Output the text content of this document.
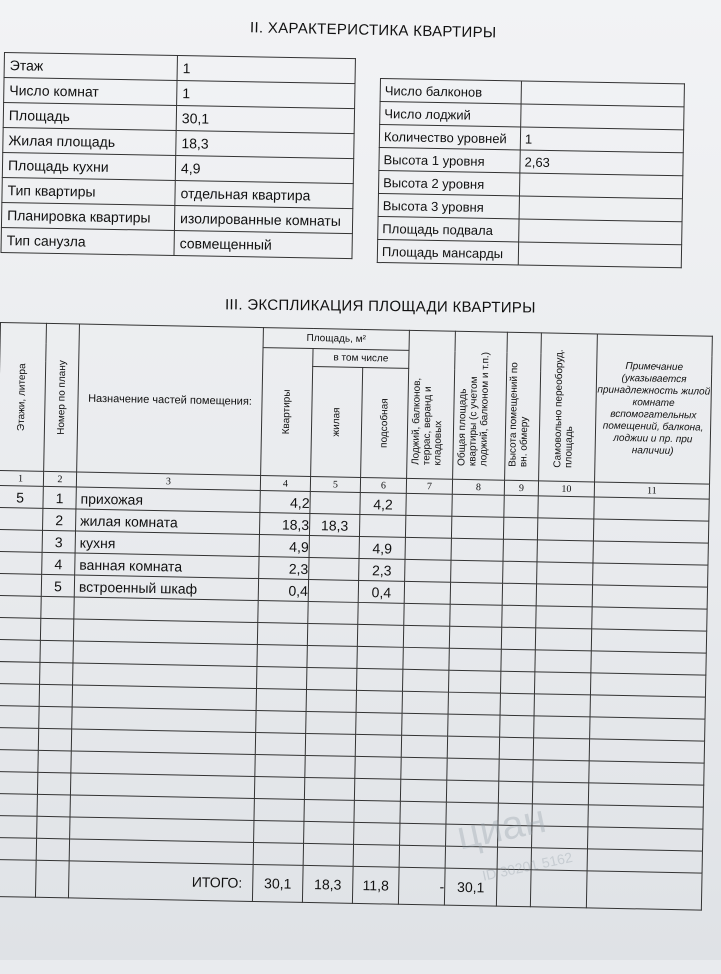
II. ХАРАКТЕРИСТИКА КВАРТИРЫ
Этаж	1
Число комнат	1
Площадь	30,1
Жилая площадь	18,3
Площадь кухни	4,9
Тип квартиры	отдельная квартира
Планировка квартиры	изолированные комнаты
Тип санузла	совмещенный
Число балконов	
Число лоджий	
Количество уровней	1
Высота 1 уровня	2,63
Высота 2 уровня	
Высота 3 уровня	
Площадь подвала	
Площадь мансарды	
III. ЭКСПЛИКАЦИЯ ПЛОЩАДИ КВАРТИРЫ
Этажи, литера	Номер по плану	Назначение частей помещения:	Площадь, м²			Лоджий, балконов, террас, веранд и кладовых	Общая площадь квартиры (с учетом лоджий, балконом и т.п.)	Высота помещений по вн. обмеру	Самовольно переоборуд. площадь	Примечание (указывается принадлежность жилой комнате вспомогательных помещений, балкона, лоджии и пр. при наличии)

			Квартиры	в том числе						

				жилая	подсобная					

1	2	3	4	5	6	7	8	9	10	11
5	1	прихожая	4,2		4,2					
	2	жилая комната	18,3	18,3						
	3	кухня	4,9		4,9					
	4	ванная комната	2,3		2,3					
	5	встроенный шкаф	0,4		0,4					

		ИТОГО:	30,1	18,3	11,8	-	30,1			
циан
ID 30201 5162
